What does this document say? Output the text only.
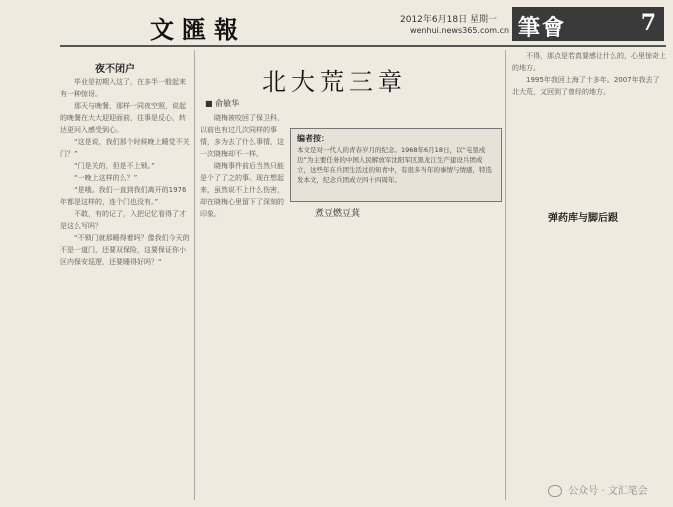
文匯報	2012年6月18日 星期一
wenhui.news365.com.cn 筆會	7
夜不闭户

毕业是初期入这了，在多半一般起来有一种惊讶。

那天与晚餐，那样一同夜空照，说起的晚餐在大大迎迎面前，往事是反心，转达更问入感受到心。

“这是说，我们那个时候晚上睡觉不关门？”

“门是关的，但是不上锁。”

“一晚上这样的么？”

“是哦。我们一直到我们离开的1976年都是这样的，连个门也没有。”

不敢，有的记了，入把记忆看得了才是这么写吗？

“不锁门就那睡得着吗？像我们今天的不是一道门，还要双保险，这要保证你小区内保安巡逻，还要睡得好吗？”

北大荒三章
■ 俞敏华

晓梅被咬回了保卫科，以前也有过几次同样的事情，多为去了什么事情，这一次晓梅却不一样。

晓梅事件前后当然只能是个了了之的事。现在想起来，虽然说不上什么伤害，却在晓梅心里留下了深刻的印象。

编者按：
本文是对一代人的青春岁月的纪念。1968年6月18日，以“屯垦戍边”为主要任务的中国人民解放军沈阳军区黑龙江生产建设兵团成立，这些年在兵团生活过的知青中，有很多当年的事情与情感，特选发本文，纪念兵团成立四十四周年。
煮豆燃豆萁

不得，那点是若真要感让什么的，心里惊奇上的地方。

1995年我回上海了十多年。2007年我去了北大荒，又回到了曾经的地方。

弹药库与脚后跟
公众号 · 文汇笔会
